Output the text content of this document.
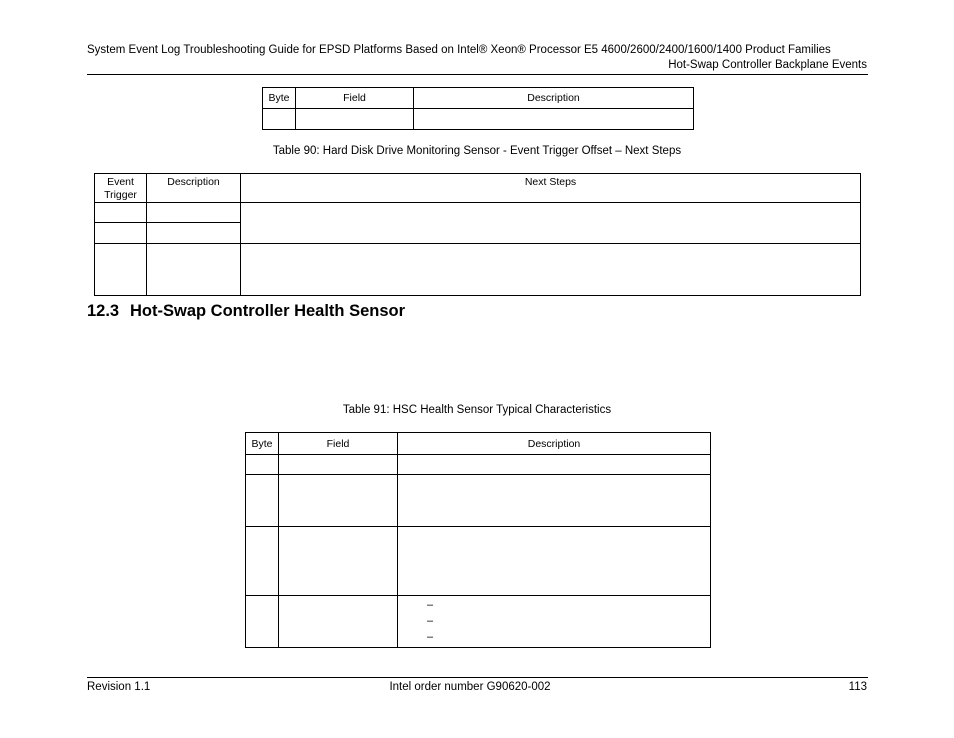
System Event Log Troubleshooting Guide for EPSD Platforms Based on Intel® Xeon® Processor E5 4600/2600/2400/1600/1400 Product Families
Hot-Swap Controller Backplane Events
Byte	Field	Description

Table 90: Hard Disk Drive Monitoring Sensor - Event Trigger Offset – Next Steps
Event Trigger	Description	Next Steps

12.3 Hot-Swap Controller Health Sensor
Table 91: HSC Health Sensor Typical Characteristics
Byte	Field	Description

–
–
–
Revision 1.1	Intel order number G90620-002	113
